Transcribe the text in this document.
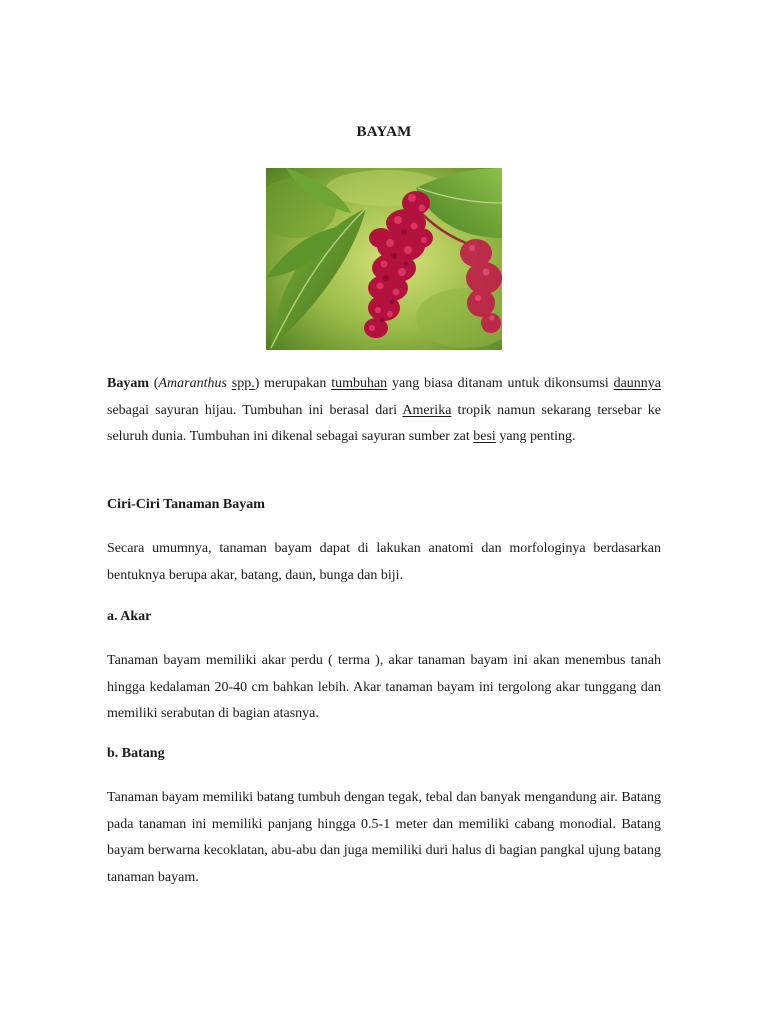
BAYAM

Bayam (Amaranthus spp.) merupakan tumbuhan yang biasa ditanam untuk dikonsumsi daunnya sebagai sayuran hijau. Tumbuhan ini berasal dari Amerika tropik namun sekarang tersebar ke seluruh dunia. Tumbuhan ini dikenal sebagai sayuran sumber zat besi yang penting.

Ciri-Ciri Tanaman Bayam

Secara umumnya, tanaman bayam dapat di lakukan anatomi dan morfologinya berdasarkan bentuknya berupa akar, batang, daun, bunga dan biji.

a. Akar

Tanaman bayam memiliki akar perdu ( terma ), akar tanaman bayam ini akan menembus tanah hingga kedalaman 20-40 cm bahkan lebih. Akar tanaman bayam ini tergolong akar tunggang dan memiliki serabutan di bagian atasnya.

b. Batang

Tanaman bayam memiliki batang tumbuh dengan tegak, tebal dan banyak mengandung air. Batang pada tanaman ini memiliki panjang hingga 0.5-1 meter dan memiliki cabang monodial. Batang bayam berwarna kecoklatan, abu-abu dan juga memiliki duri halus di bagian pangkal ujung batang tanaman bayam.
